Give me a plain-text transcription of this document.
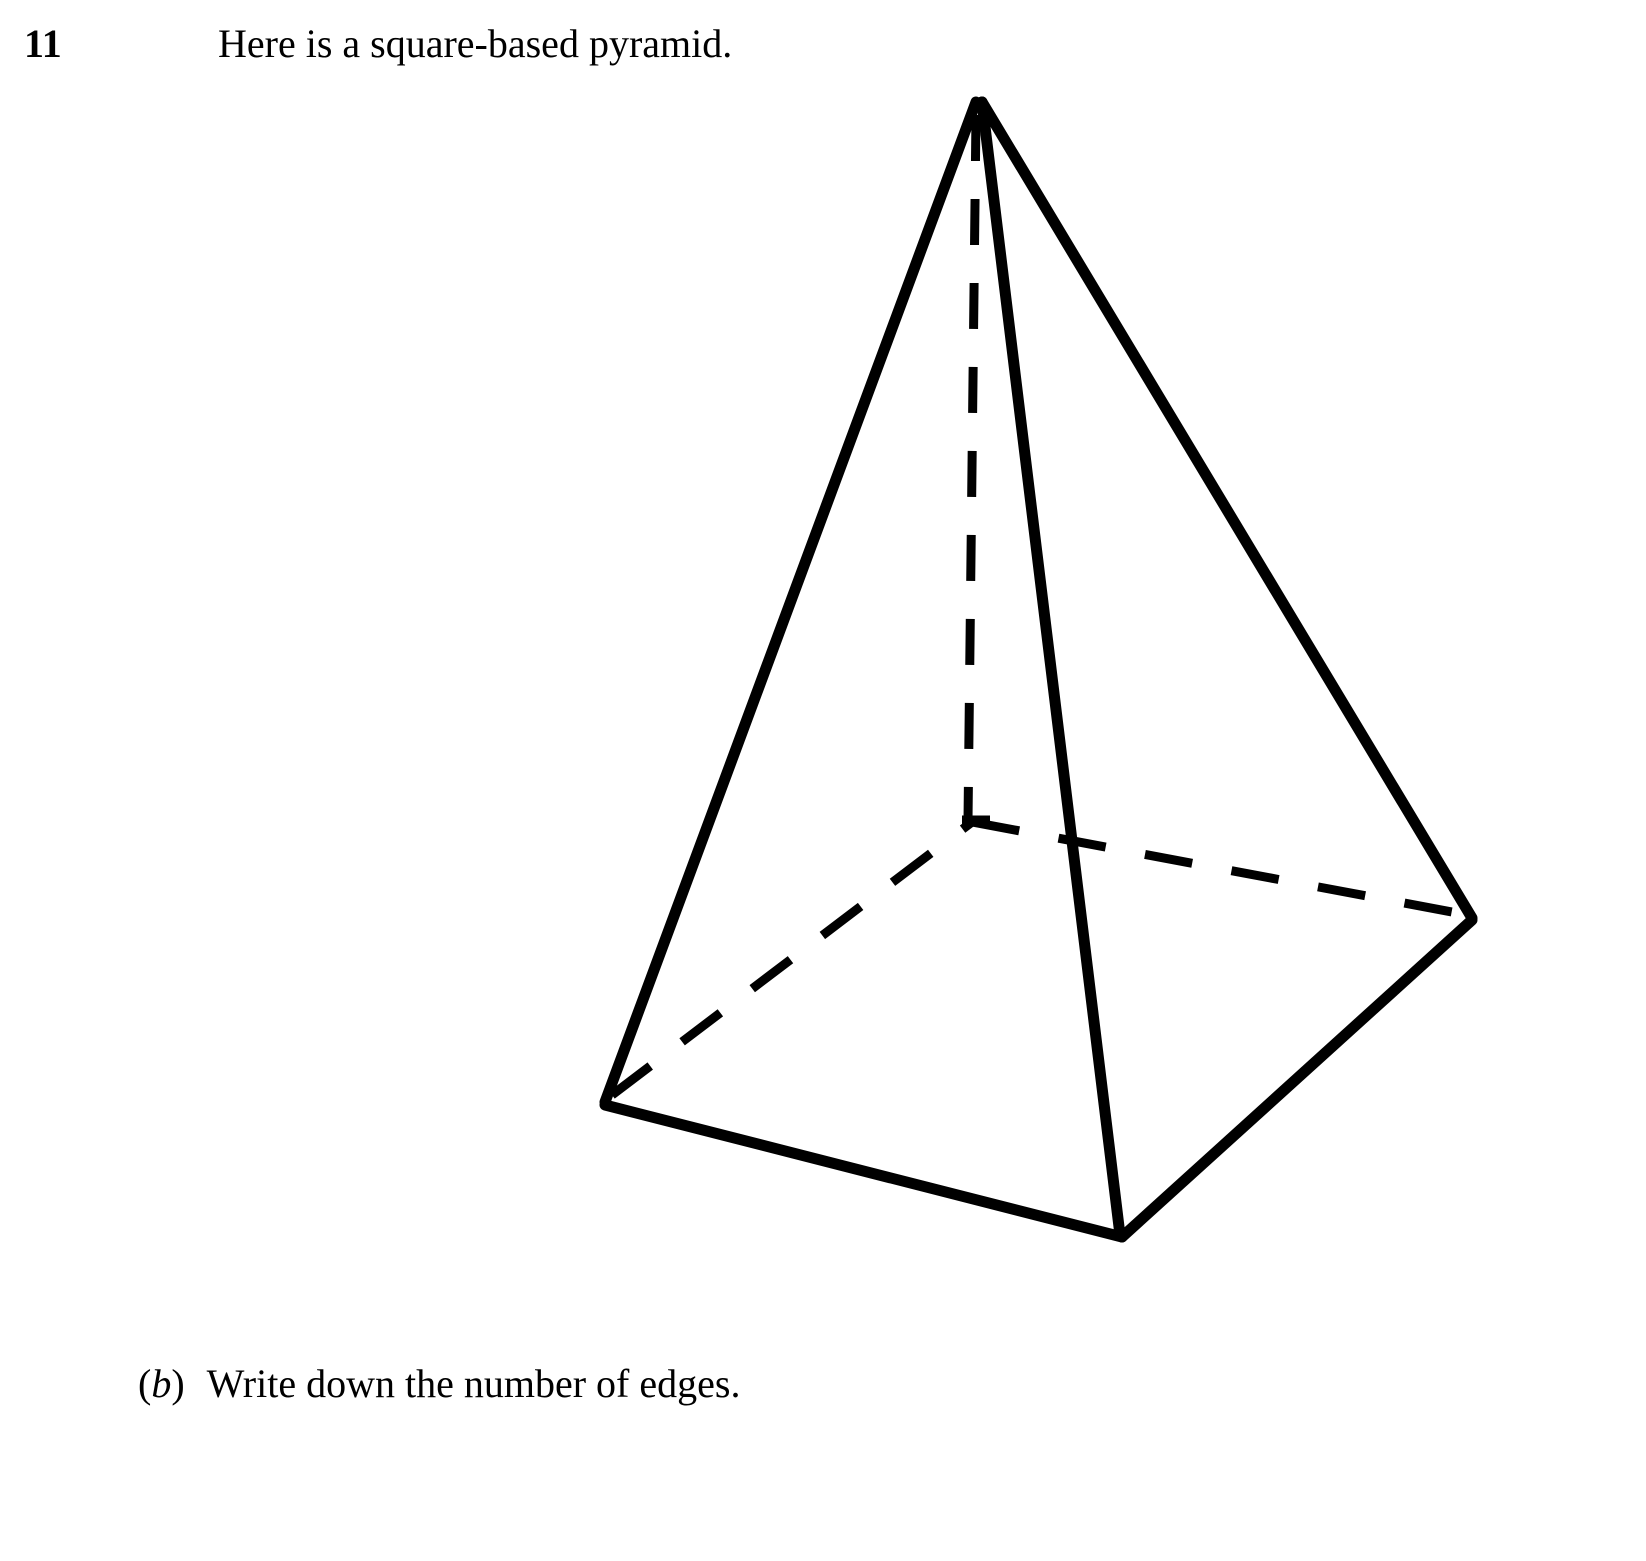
11	Here is a square-based pyramid.
(b) Write down the number of edges.
